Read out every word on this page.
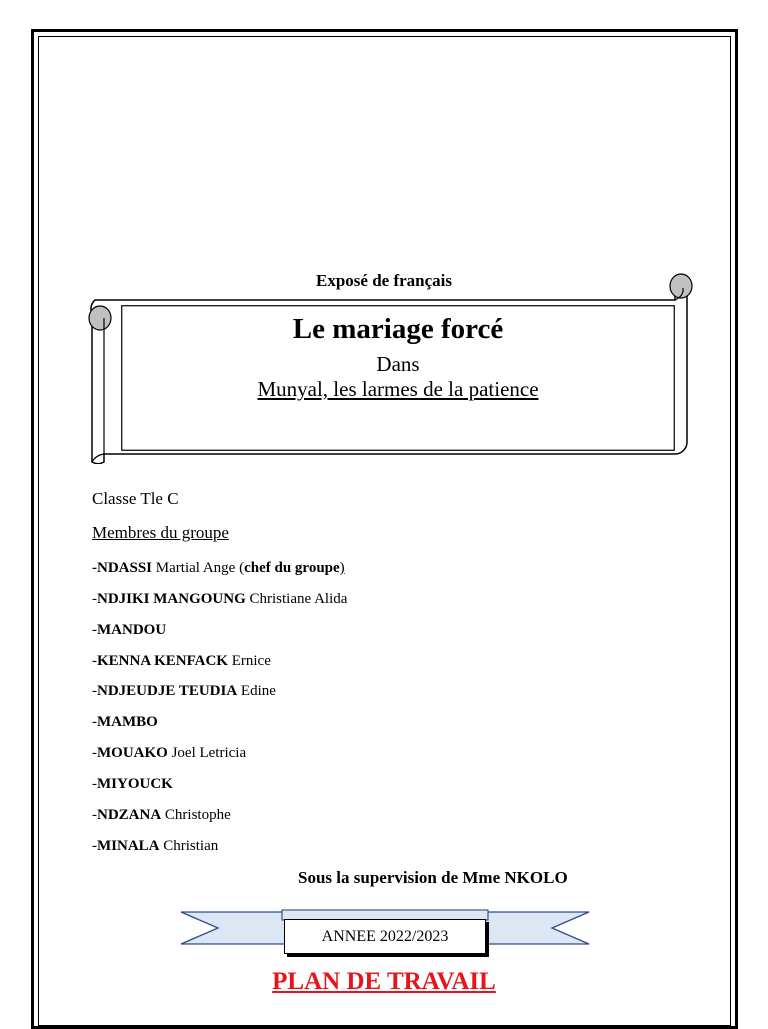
Exposé de français
Le mariage forcé
Dans
Munyal, les larmes de la patience
Classe Tle C
Membres du groupe
-NDASSI Martial Ange (chef du groupe)
-NDJIKI MANGOUNG Christiane Alida
-MANDOU
-KENNA KENFACK Ernice
-NDJEUDJE TEUDIA Edine
-MAMBO
-MOUAKO Joel Letricia
-MIYOUCK
-NDZANA Christophe
-MINALA Christian
Sous la supervision de Mme NKOLO
ANNEE 2022/2023
PLAN DE TRAVAIL
